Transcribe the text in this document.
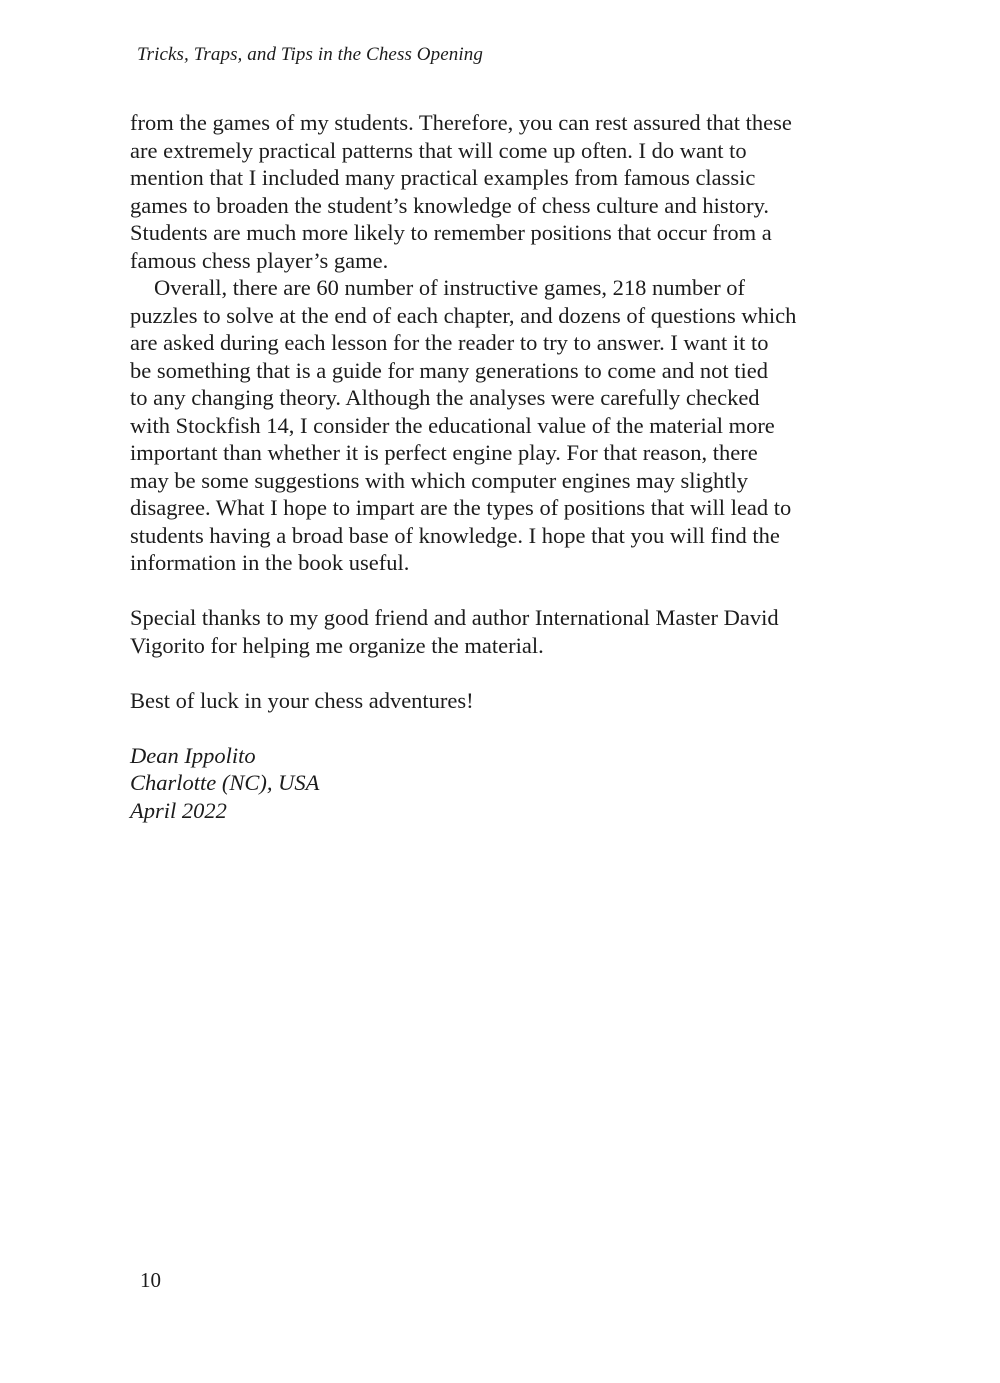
Tricks, Traps, and Tips in the Chess Opening

from the games of my students. Therefore, you can rest assured that these
are extremely practical patterns that will come up often. I do want to
mention that I included many practical examples from famous classic
games to broaden the student’s knowledge of chess culture and history.
Students are much more likely to remember positions that occur from a
famous chess player’s game.

Overall, there are 60 number of instructive games, 218 number of
puzzles to solve at the end of each chapter, and dozens of questions which
are asked during each lesson for the reader to try to answer. I want it to
be something that is a guide for many generations to come and not tied
to any changing theory. Although the analyses were carefully checked
with Stockfish 14, I consider the educational value of the material more
important than whether it is perfect engine play. For that reason, there
may be some suggestions with which computer engines may slightly
disagree. What I hope to impart are the types of positions that will lead to
students having a broad base of knowledge. I hope that you will find the
information in the book useful.

Special thanks to my good friend and author International Master David
Vigorito for helping me organize the material.

Best of luck in your chess adventures!

Dean Ippolito
Charlotte (NC), USA
April 2022

10
